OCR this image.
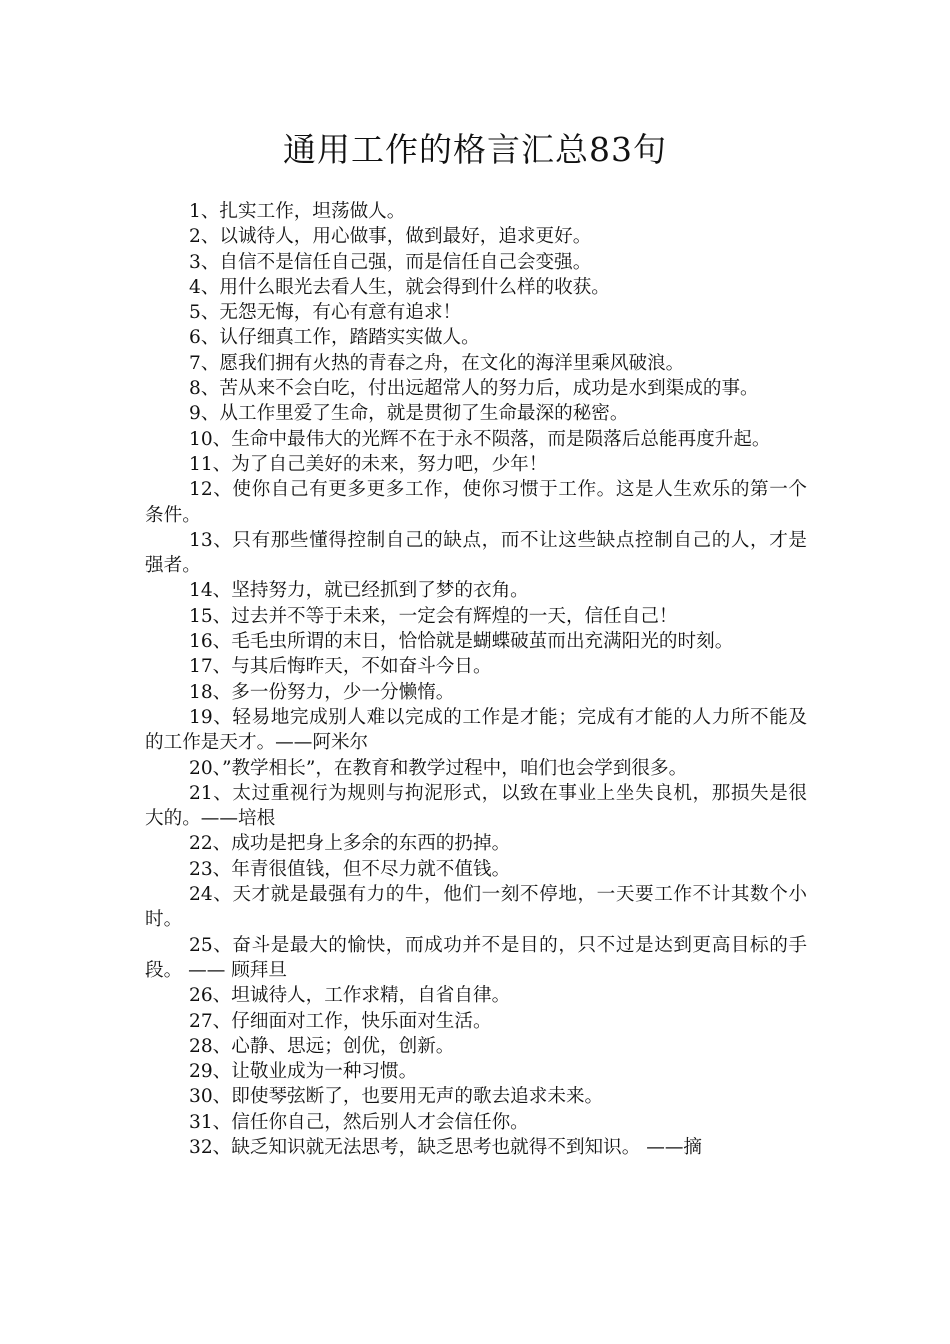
通用工作的格言汇总83句

1、扎实工作，坦荡做人。

2、以诚待人，用心做事，做到最好，追求更好。

3、自信不是信任自己强，而是信任自己会变强。

4、用什么眼光去看人生，就会得到什么样的收获。

5、无怨无悔，有心有意有追求！

6、认仔细真工作，踏踏实实做人。

7、愿我们拥有火热的青春之舟，在文化的海洋里乘风破浪。

8、苦从来不会白吃，付出远超常人的努力后，成功是水到渠成的事。

9、从工作里爱了生命，就是贯彻了生命最深的秘密。

10、生命中最伟大的光辉不在于永不陨落，而是陨落后总能再度升起。

11、为了自己美好的未来，努力吧，少年！

12、使你自己有更多更多工作，使你习惯于工作。这是人生欢乐的第一个条件。

13、只有那些懂得控制自己的缺点，而不让这些缺点控制自己的人，才是强者。

14、坚持努力，就已经抓到了梦的衣角。

15、过去并不等于未来，一定会有辉煌的一天，信任自己！

16、毛毛虫所谓的末日，恰恰就是蝴蝶破茧而出充满阳光的时刻。

17、与其后悔昨天，不如奋斗今日。

18、多一份努力，少一分懒惰。

19、轻易地完成别人难以完成的工作是才能；完成有才能的人力所不能及的工作是天才。——阿米尔

20、”教学相长”，在教育和教学过程中，咱们也会学到很多。

21、太过重视行为规则与拘泥形式，以致在事业上坐失良机，那损失是很大的。——培根

22、成功是把身上多余的东西的扔掉。

23、年青很值钱，但不尽力就不值钱。

24、天才就是最强有力的牛，他们一刻不停地，一天要工作不计其数个小时。

25、奋斗是最大的愉快，而成功并不是目的，只不过是达到更高目标的手段。 —— 顾拜旦

26、坦诚待人，工作求精，自省自律。

27、仔细面对工作，快乐面对生活。

28、心静、思远；创优，创新。

29、让敬业成为一种习惯。

30、即使琴弦断了，也要用无声的歌去追求未来。

31、信任你自己，然后别人才会信任你。

32、缺乏知识就无法思考，缺乏思考也就得不到知识。 ——摘
